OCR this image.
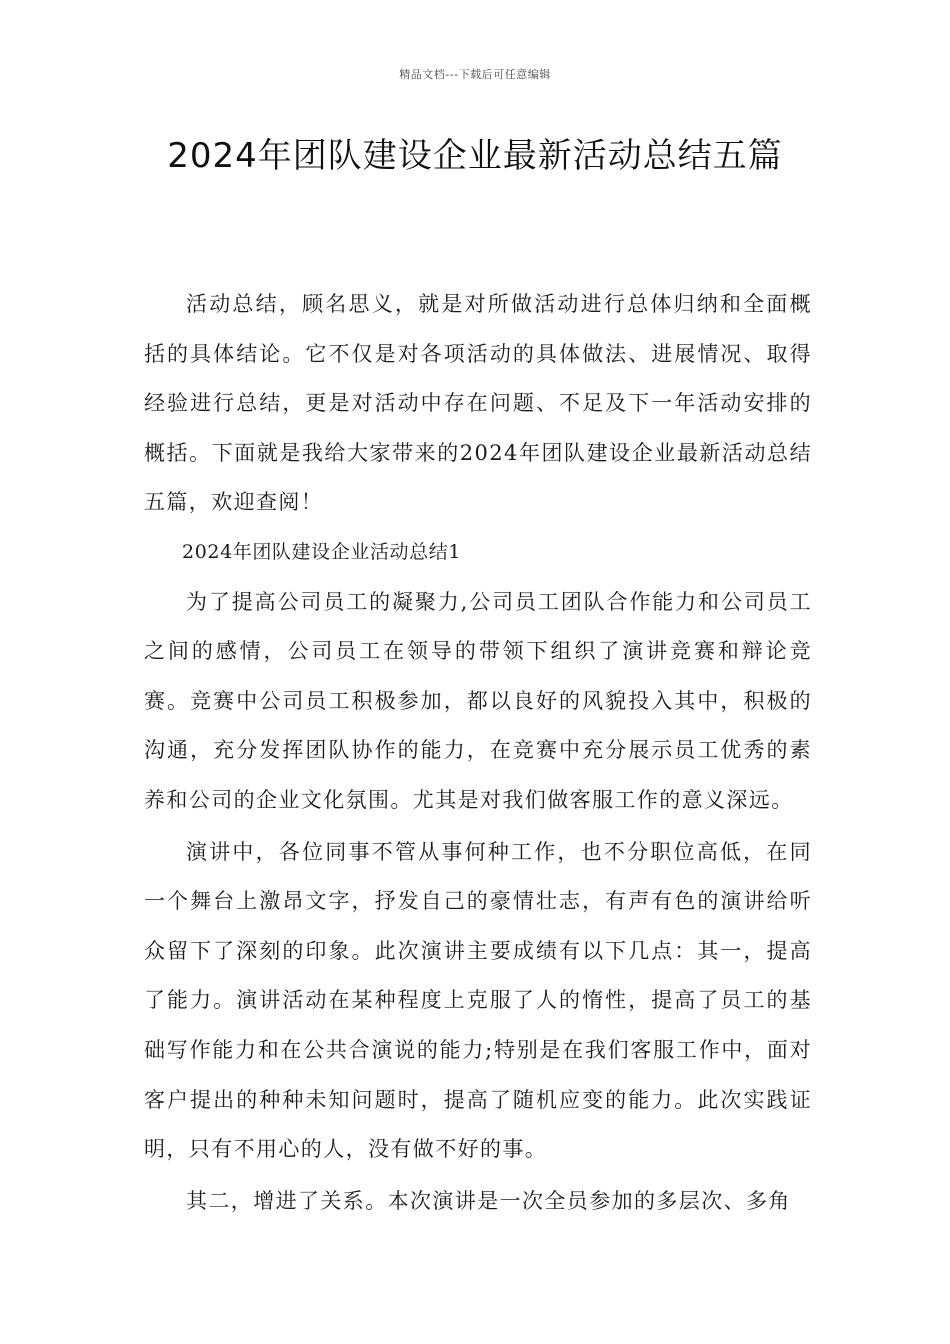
精品文档---下载后可任意编辑
2024年团队建设企业最新活动总结五篇

活动总结，顾名思义，就是对所做活动进行总体归纳和全面概括的具体结论。它不仅是对各项活动的具体做法、进展情况、取得经验进行总结，更是对活动中存在问题、不足及下一年活动安排的概括。下面就是我给大家带来的2024年团队建设企业最新活动总结五篇，欢迎查阅！

2024年团队建设企业活动总结1

为了提高公司员工的凝聚力,公司员工团队合作能力和公司员工之间的感情，公司员工在领导的带领下组织了演讲竞赛和辩论竞赛。竞赛中公司员工积极参加，都以良好的风貌投入其中，积极的沟通，充分发挥团队协作的能力，在竞赛中充分展示员工优秀的素养和公司的企业文化氛围。尤其是对我们做客服工作的意义深远。

演讲中，各位同事不管从事何种工作，也不分职位高低，在同一个舞台上激昂文字，抒发自己的豪情壮志，有声有色的演讲给听众留下了深刻的印象。此次演讲主要成绩有以下几点：其一，提高了能力。演讲活动在某种程度上克服了人的惰性，提高了员工的基础写作能力和在公共合演说的能力;特别是在我们客服工作中，面对客户提出的种种未知问题时，提高了随机应变的能力。此次实践证明，只有不用心的人，没有做不好的事。

其二，增进了关系。本次演讲是一次全员参加的多层次、多角
